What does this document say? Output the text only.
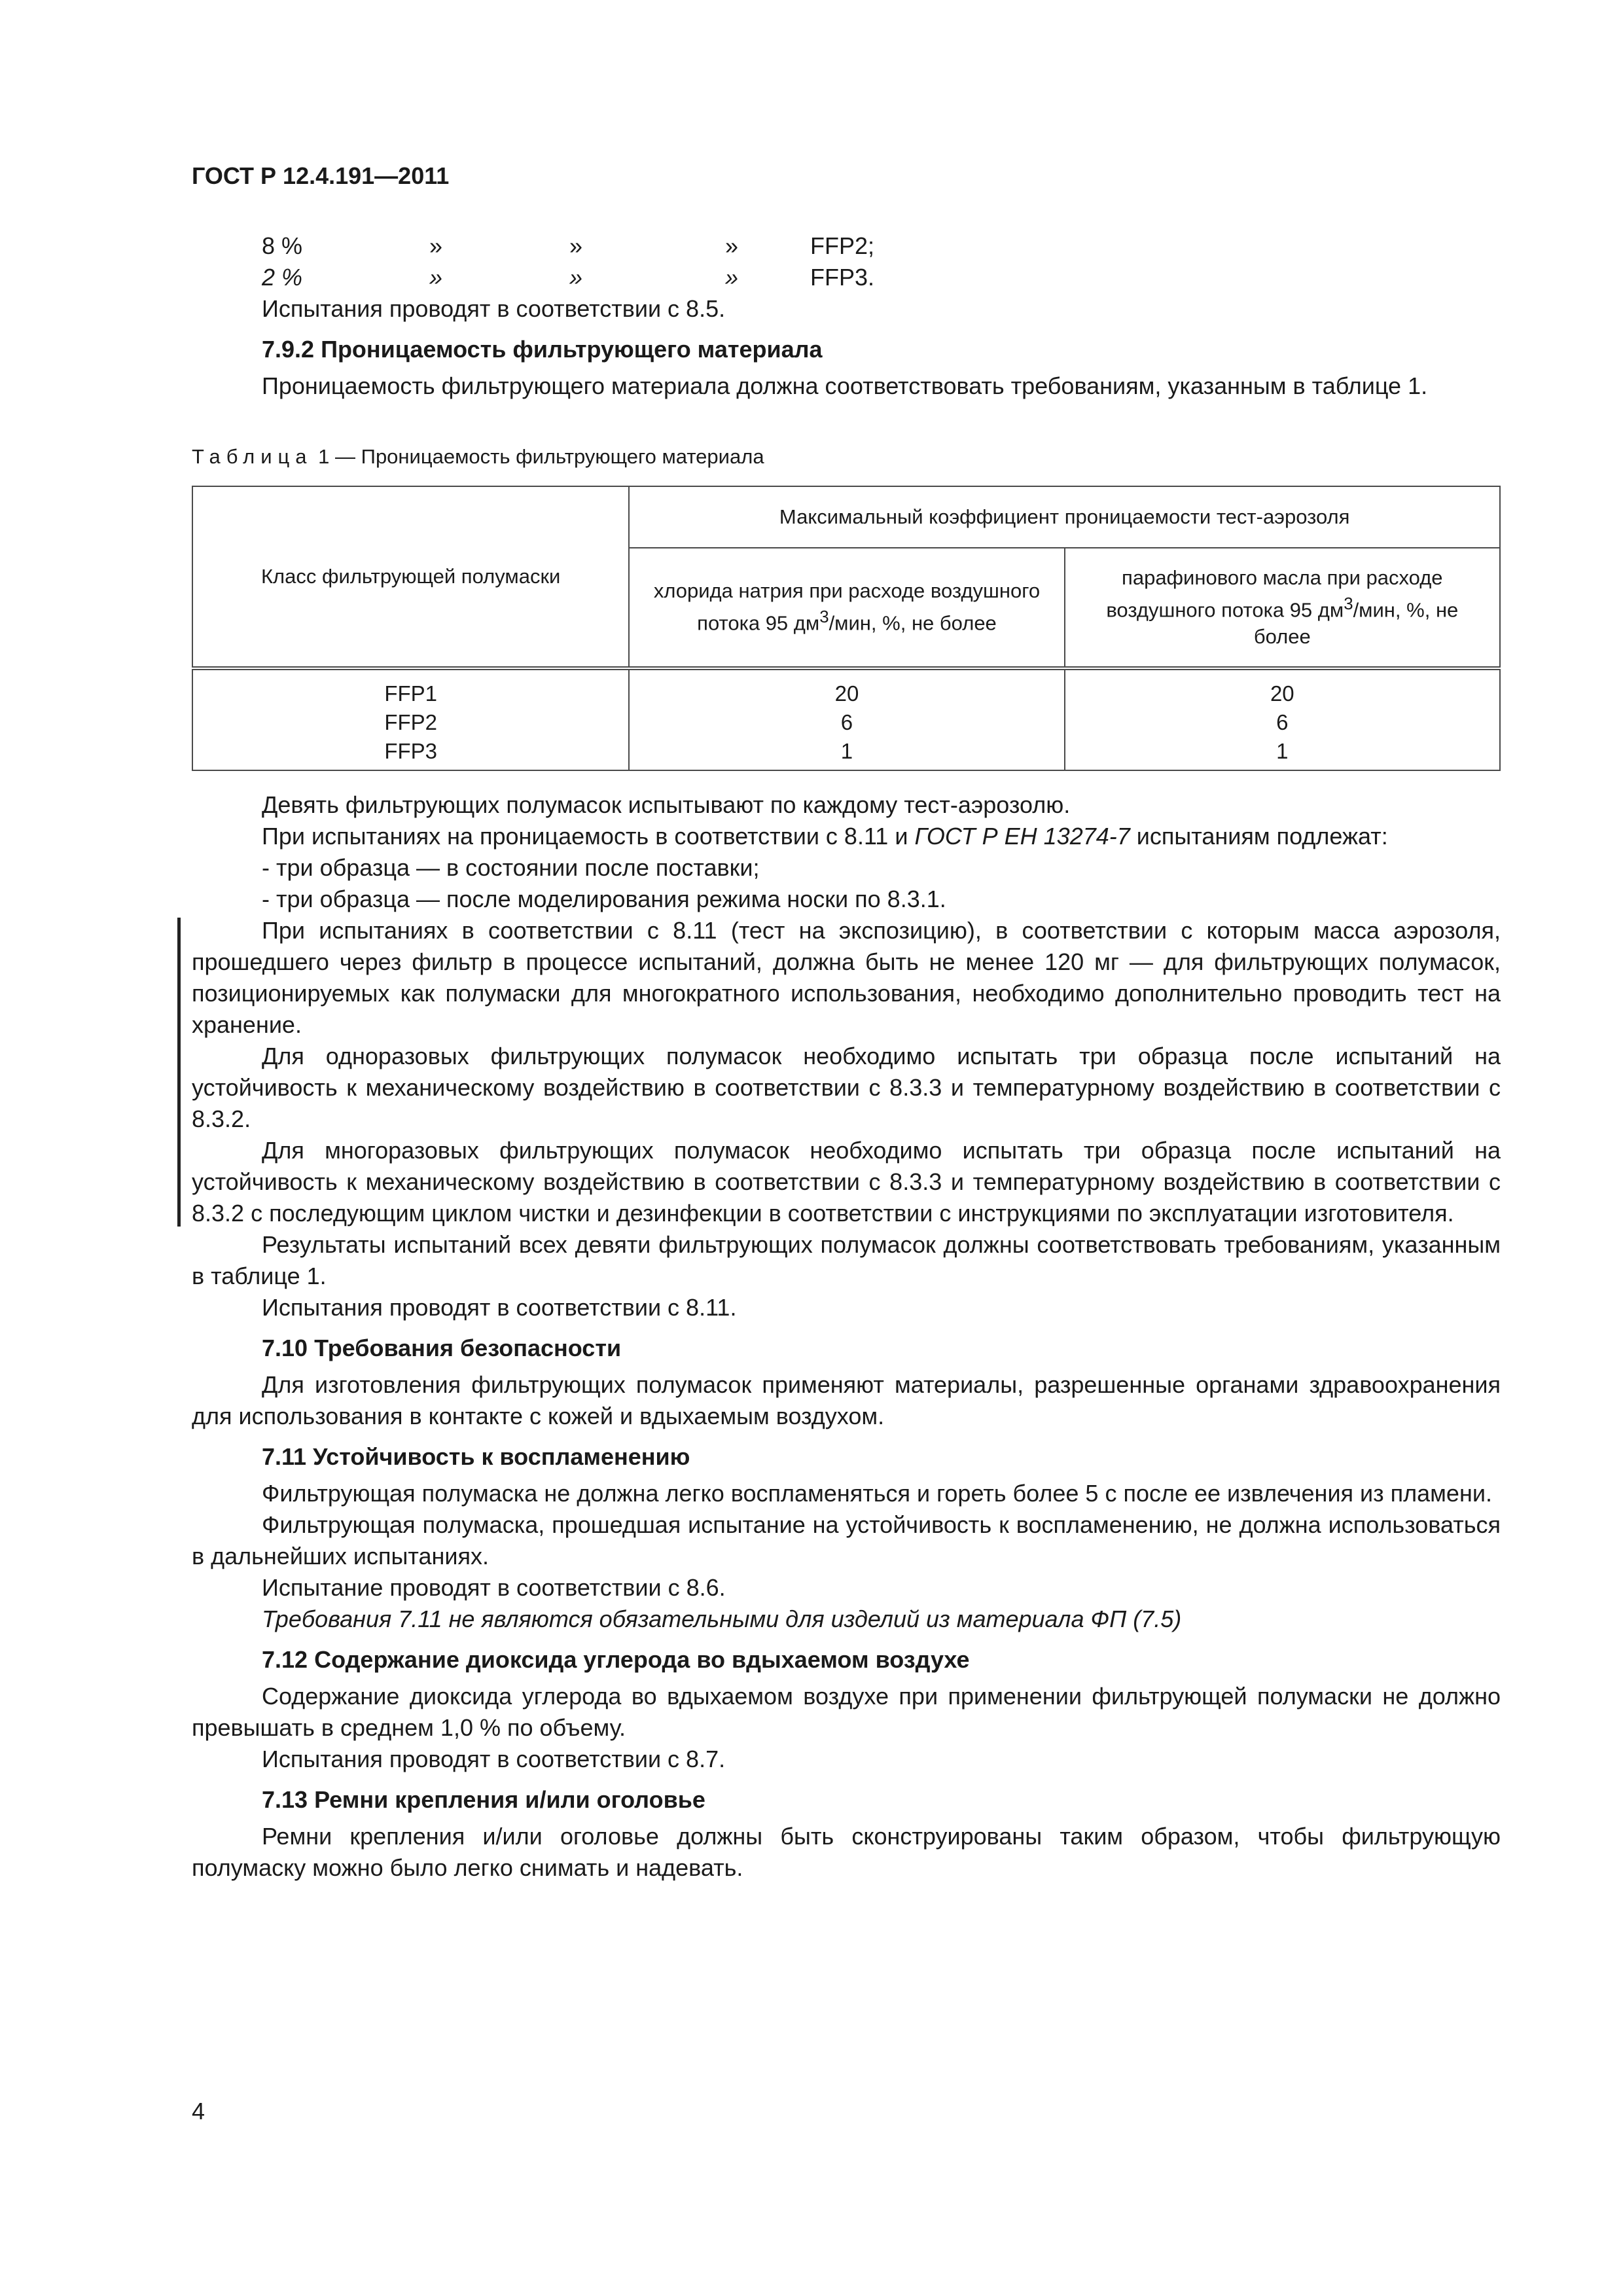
ГОСТ Р 12.4.191—2011
8 %	»	»	»	FFP2;
2 %	»	»	»	FFP3.

Испытания проводят в соответствии с 8.5.

7.9.2 Проницаемость фильтрующего материала

Проницаемость фильтрующего материала должна соответствовать требованиям, указанным в таблице 1.

Таблица 1 — Проницаемость фильтрующего материала

Класс фильтрующей полумаски	Максимальный коэффициент проницаемости тест-аэрозоля	
	хлорида натрия при расходе воздушного потока 95 $дм^3$/мин, %, не более	парафинового масла при расходе воздушного потока 95 $дм^3$/мин, %, не более
FFP1	20	20
FFP2	6	6
FFP3	1	1

Девять фильтрующих полумасок испытывают по каждому тест-аэрозолю.

При испытаниях на проницаемость в соответствии с 8.11 и ГОСТ Р ЕН 13274-7 испытаниям подлежат:

- три образца — в состоянии после поставки;

- три образца — после моделирования режима носки по 8.3.1.

При испытаниях в соответствии с 8.11 (тест на экспозицию), в соответствии с которым масса аэрозоля, прошедшего через фильтр в процессе испытаний, должна быть не менее 120 мг — для фильтрующих полумасок, позиционируемых как полумаски для многократного использования, необходимо дополнительно проводить тест на хранение.

Для одноразовых фильтрующих полумасок необходимо испытать три образца после испытаний на устойчивость к механическому воздействию в соответствии с 8.3.3 и температурному воздействию в соответствии с 8.3.2.

Для многоразовых фильтрующих полумасок необходимо испытать три образца после испытаний на устойчивость к механическому воздействию в соответствии с 8.3.3 и температурному воздействию в соответствии с 8.3.2 с последующим циклом чистки и дезинфекции в соответствии с инструкциями по эксплуатации изготовителя.

Результаты испытаний всех девяти фильтрующих полумасок должны соответствовать требованиям, указанным в таблице 1.

Испытания проводят в соответствии с 8.11.

7.10 Требования безопасности

Для изготовления фильтрующих полумасок применяют материалы, разрешенные органами здравоохранения для использования в контакте с кожей и вдыхаемым воздухом.

7.11 Устойчивость к воспламенению

Фильтрующая полумаска не должна легко воспламеняться и гореть более 5 с после ее извлечения из пламени.

Фильтрующая полумаска, прошедшая испытание на устойчивость к воспламенению, не должна использоваться в дальнейших испытаниях.

Испытание проводят в соответствии с 8.6.

Требования 7.11 не являются обязательными для изделий из материала ФП (7.5)

7.12 Содержание диоксида углерода во вдыхаемом воздухе

Содержание диоксида углерода во вдыхаемом воздухе при применении фильтрующей полумаски не должно превышать в среднем 1,0 % по объему.

Испытания проводят в соответствии с 8.7.

7.13 Ремни крепления и/или оголовье

Ремни крепления и/или оголовье должны быть сконструированы таким образом, чтобы фильтрующую полумаску можно было легко снимать и надевать.

4
